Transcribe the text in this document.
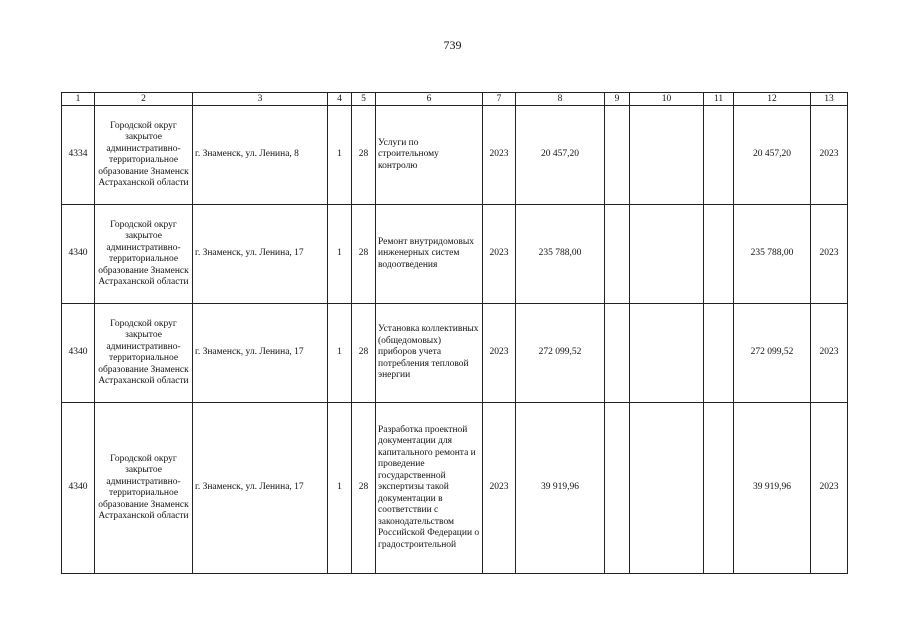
739
1	2	3	4	5	6	7	8	9	10	11	12	13
4334	Городской округ закрытое административно-территориальное образование Знаменск Астраханской области	г. Знаменск, ул. Ленина, 8	1	28	Услуги по строительному контролю	2023	20 457,20				20 457,20	2023
4340	Городской округ закрытое административно-территориальное образование Знаменск Астраханской области	г. Знаменск, ул. Ленина, 17	1	28	Ремонт внутридомовых инженерных систем водоотведения	2023	235 788,00				235 788,00	2023
4340	Городской округ закрытое административно-территориальное образование Знаменск Астраханской области	г. Знаменск, ул. Ленина, 17	1	28	Установка коллективных (общедомовых) приборов учета потребления тепловой энергии	2023	272 099,52				272 099,52	2023
4340	Городской округ закрытое административно-территориальное образование Знаменск Астраханской области	г. Знаменск, ул. Ленина, 17	1	28	Разработка проектной документации для капитального ремонта и проведение государственной экспертизы такой документации в соответствии с законодательством Российской Федерации о градостроительной	2023	39 919,96				39 919,96	2023
